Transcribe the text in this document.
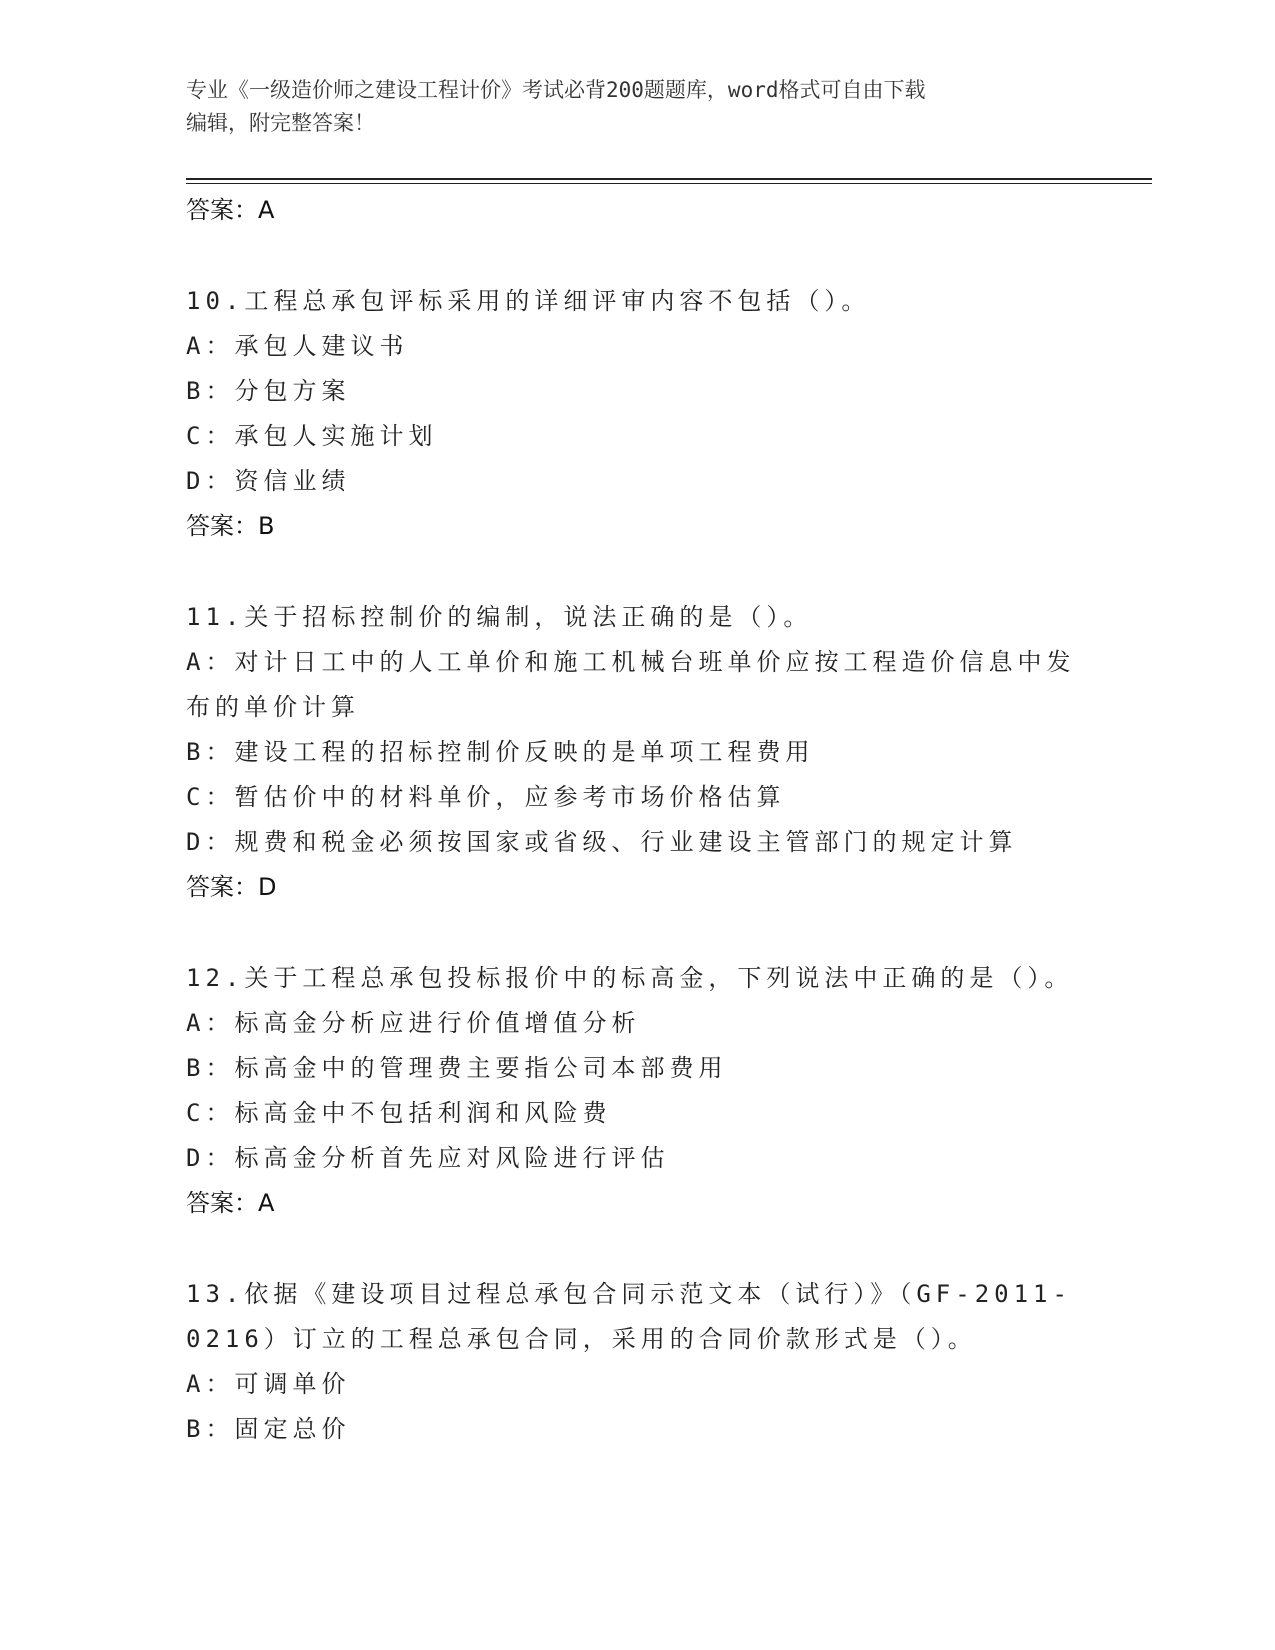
专业《一级造价师之建设工程计价》考试必背200题题库，word格式可自由下载
编辑，附完整答案！
答案：A

10.工程总承包评标采用的详细评审内容不包括（）。

A：承包人建议书

B：分包方案

C：承包人实施计划

D：资信业绩

答案：B

11.关于招标控制价的编制，说法正确的是（）。

A：对计日工中的人工单价和施工机械台班单价应按工程造价信息中发布的单价计算

B：建设工程的招标控制价反映的是单项工程费用

C：暂估价中的材料单价，应参考市场价格估算

D：规费和税金必须按国家或省级、行业建设主管部门的规定计算

答案：D

12.关于工程总承包投标报价中的标高金，下列说法中正确的是（）。

A：标高金分析应进行价值增值分析

B：标高金中的管理费主要指公司本部费用

C：标高金中不包括利润和风险费

D：标高金分析首先应对风险进行评估

答案：A

13.依据《建设项目过程总承包合同示范文本（试行）》（GF-2011-0216）订立的工程总承包合同，采用的合同价款形式是（）。

A：可调单价

B：固定总价
